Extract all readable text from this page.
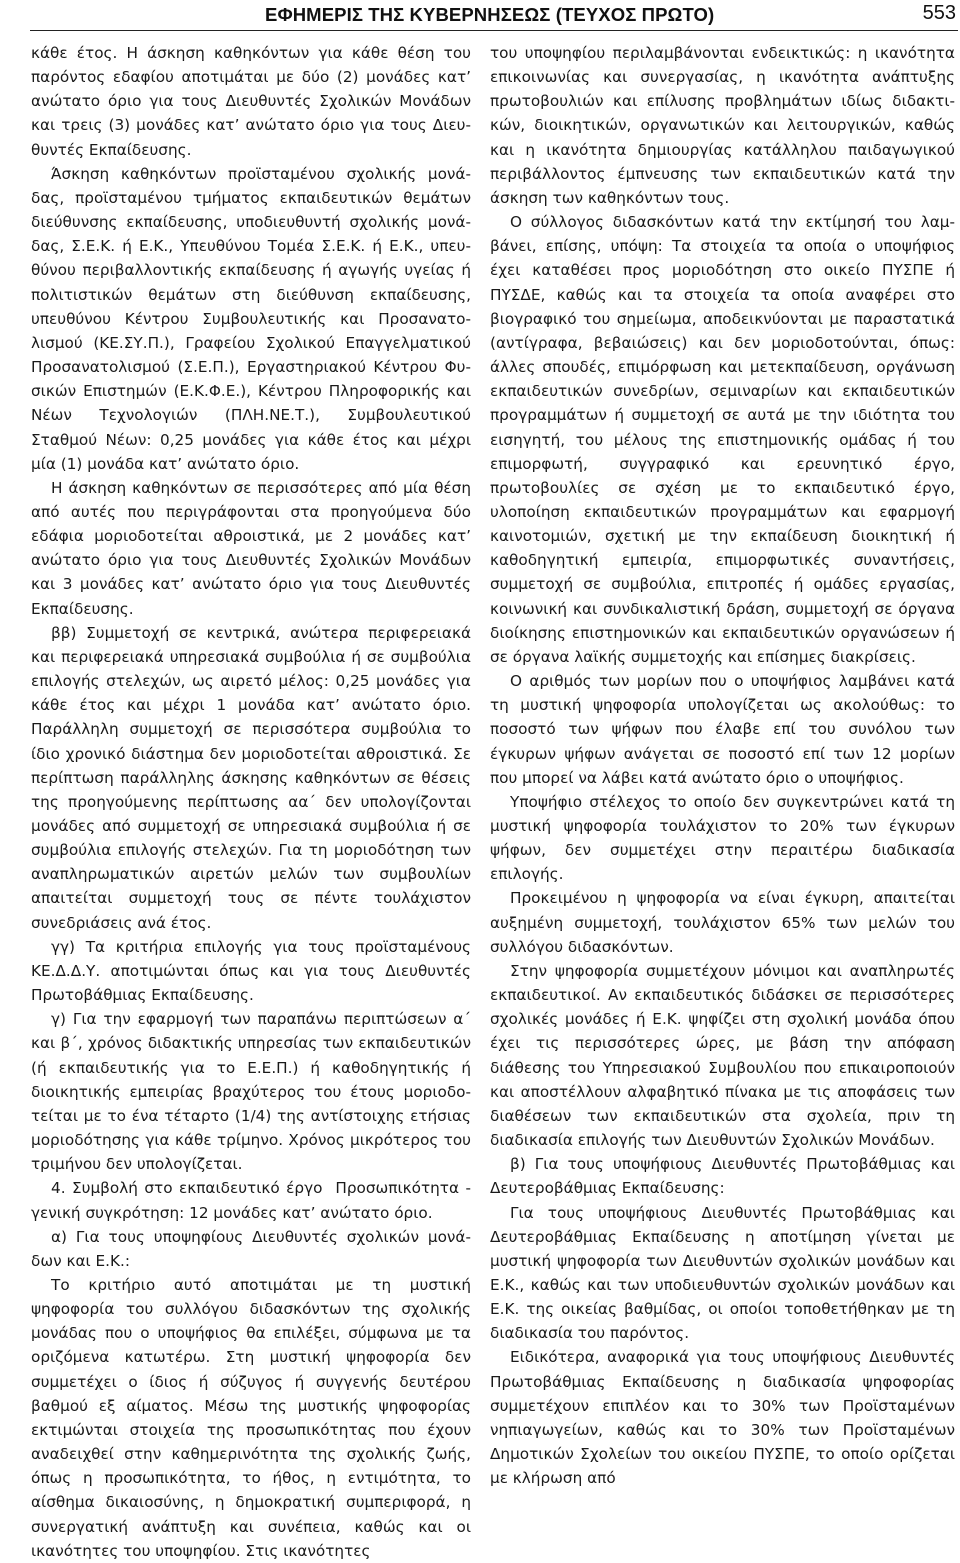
ΕΦΗΜΕΡΙΣ ΤΗΣ ΚΥΒΕΡΝΗΣΕΩΣ (ΤΕΥΧΟΣ ΠΡΩΤΟ)	553

κάθε έτος. Η άσκηση καθηκόντων για κάθε θέση του παρόντος εδαφίου αποτιμάται με δύο (2) μονάδες κατ’ ανώτατο όριο για τους Διευθυντές Σχολικών Μονάδων και τρεις (3) μονάδες κατ’ ανώτατο όριο για τους Διευθυντές Εκπαίδευσης.

Άσκηση καθηκόντων προϊσταμένου σχολικής μονάδας, προϊσταμένου τμήματος εκπαιδευτικών θεμάτων διεύθυνσης εκπαίδευσης, υποδιευθυντή σχολικής μονάδας, Σ.Ε.Κ. ή Ε.Κ., Υπευθύνου Τομέα Σ.Ε.Κ. ή Ε.Κ., υπευθύνου περιβαλλοντικής εκπαίδευσης ή αγωγής υγείας ή πολιτιστικών θεμάτων στη διεύθυνση εκπαίδευσης, υπευθύνου Κέντρου Συμβουλευτικής και Προσανατολισμού (ΚΕ.ΣΥ.Π.), Γραφείου Σχολικού Επαγγελματικού Προσανατολισμού (Σ.Ε.Π.), Εργαστηριακού Κέντρου Φυσικών Επιστημών (Ε.Κ.Φ.Ε.), Κέντρου Πληροφορικής και Νέων Τεχνολογιών (ΠΛΗ.ΝΕ.Τ.), Συμβουλευτικού Σταθμού Νέων: 0,25 μονάδες για κάθε έτος και μέχρι μία (1) μονάδα κατ’ ανώτατο όριο.

Η άσκηση καθηκόντων σε περισσότερες από μία θέση από αυτές που περιγράφονται στα προηγούμενα δύο εδάφια μοριοδοτείται αθροιστικά, με 2 μονάδες κατ’ ανώτατο όριο για τους Διευθυντές Σχολικών Μονάδων και 3 μονάδες κατ’ ανώτατο όριο για τους Διευθυντές Εκπαίδευσης.

ββ) Συμμετοχή σε κεντρικά, ανώτερα περιφερειακά και περιφερειακά υπηρεσιακά συμβούλια ή σε συμβούλια επιλογής στελεχών, ως αιρετό μέλος: 0,25 μονάδες για κάθε έτος και μέχρι 1 μονάδα κατ’ ανώτατο όριο. Παράλληλη συμμετοχή σε περισσότερα συμβούλια το ίδιο χρονικό διάστημα δεν μοριοδοτείται αθροιστικά. Σε περίπτωση παράλληλης άσκησης καθηκόντων σε θέσεις της προηγούμενης περίπτωσης αα΄ δεν υπολογίζονται μονάδες από συμμετοχή σε υπηρεσιακά συμβούλια ή σε συμβούλια επιλογής στελεχών. Για τη μοριοδότηση των αναπληρωματικών αιρετών μελών των συμβουλίων απαιτείται συμμετοχή τους σε πέντε τουλάχιστον συνεδριάσεις ανά έτος.

γγ) Τα κριτήρια επιλογής για τους προϊσταμένους ΚΕ.Δ.Δ.Υ. αποτιμώνται όπως και για τους Διευθυντές Πρωτοβάθμιας Εκπαίδευσης.

γ) Για την εφαρμογή των παραπάνω περιπτώσεων α΄ και β΄, χρόνος διδακτικής υπηρεσίας των εκπαιδευτικών (ή εκπαιδευτικής για το Ε.Ε.Π.) ή καθοδηγητικής ή διοικητικής εμπειρίας βραχύτερος του έτους μοριοδοτείται με το ένα τέταρτο (1/4) της αντίστοιχης ετήσιας μοριοδότησης για κάθε τρίμηνο. Χρόνος μικρότερος του τριμήνου δεν υπολογίζεται.

4. Συμβολή στο εκπαιδευτικό έργο Προσωπικότητα γενική συγκρότηση: 12 μονάδες κατ’ ανώτατο όριο.

α) Για τους υποψηφίους Διευθυντές σχολικών μονάδων και Ε.Κ.:

Το κριτήριο αυτό αποτιμάται με τη μυστική ψηφοφορία του συλλόγου διδασκόντων της σχολικής μονάδας που ο υποψήφιος θα επιλέξει, σύμφωνα με τα οριζόμενα κατωτέρω. Στη μυστική ψηφοφορία δεν συμμετέχει ο ίδιος ή σύζυγος ή συγγενής δευτέρου βαθμού εξ αίματος. Μέσω της μυστικής ψηφοφορίας εκτιμώνται στοιχεία της προσωπικότητας που έχουν αναδειχθεί στην καθημερινότητα της σχολικής ζωής, όπως η προσωπικότητα, το ήθος, η εντιμότητα, το αίσθημα δικαιοσύνης, η δημοκρατική συμπεριφορά, η συνεργατική ανάπτυξη και συνέπεια, καθώς και οι ικανότητες του υποψηφίου. Στις ικανότητες

του υποψηφίου περιλαμβάνονται ενδεικτικώς: η ικανότητα επικοινωνίας και συνεργασίας, η ικανότητα ανάπτυξης πρωτοβουλιών και επίλυσης προβλημάτων ιδίως διδακτικών, διοικητικών, οργανωτικών και λειτουργικών, καθώς και η ικανότητα δημιουργίας κατάλληλου παιδαγωγικού περιβάλλοντος έμπνευσης των εκπαιδευτικών κατά την άσκηση των καθηκόντων τους.

Ο σύλλογος διδασκόντων κατά την εκτίμησή του λαμβάνει, επίσης, υπόψη: Τα στοιχεία τα οποία ο υποψήφιος έχει καταθέσει προς μοριοδότηση στο οικείο ΠΥΣΠΕ ή ΠΥΣΔΕ, καθώς και τα στοιχεία τα οποία αναφέρει στο βιογραφικό του σημείωμα, αποδεικνύονται με παραστατικά (αντίγραφα, βεβαιώσεις) και δεν μοριοδοτούνται, όπως: άλλες σπουδές, επιμόρφωση και μετεκπαίδευση, οργάνωση εκπαιδευτικών συνεδρίων, σεμιναρίων και εκπαιδευτικών προγραμμάτων ή συμμετοχή σε αυτά με την ιδιότητα του εισηγητή, του μέλους της επιστημονικής ομάδας ή του επιμορφωτή, συγγραφικό και ερευνητικό έργο, πρωτοβουλίες σε σχέση με το εκπαιδευτικό έργο, υλοποίηση εκπαιδευτικών προγραμμάτων και εφαρμογή καινοτομιών, σχετική με την εκπαίδευση διοικητική ή καθοδηγητική εμπειρία, επιμορφωτικές συναντήσεις, συμμετοχή σε συμβούλια, επιτροπές ή ομάδες εργασίας, κοινωνική και συνδικαλιστική δράση, συμμετοχή σε όργανα διοίκησης επιστημονικών και εκπαιδευτικών οργανώσεων ή σε όργανα λαϊκής συμμετοχής και επίσημες διακρίσεις.

Ο αριθμός των μορίων που ο υποψήφιος λαμβάνει κατά τη μυστική ψηφοφορία υπολογίζεται ως ακολούθως: το ποσοστό των ψήφων που έλαβε επί του συνόλου των έγκυρων ψήφων ανάγεται σε ποσοστό επί των 12 μορίων που μπορεί να λάβει κατά ανώτατο όριο ο υποψήφιος.

Υποψήφιο στέλεχος το οποίο δεν συγκεντρώνει κατά τη μυστική ψηφοφορία τουλάχιστον το 20% των έγκυρων ψήφων, δεν συμμετέχει στην περαιτέρω διαδικασία επιλογής.

Προκειμένου η ψηφοφορία να είναι έγκυρη, απαιτείται αυξημένη συμμετοχή, τουλάχιστον 65% των μελών του συλλόγου διδασκόντων.

Στην ψηφοφορία συμμετέχουν μόνιμοι και αναπληρωτές εκπαιδευτικοί. Αν εκπαιδευτικός διδάσκει σε περισσότερες σχολικές μονάδες ή Ε.Κ. ψηφίζει στη σχολική μονάδα όπου έχει τις περισσότερες ώρες, με βάση την απόφαση διάθεσης του Υπηρεσιακού Συμβουλίου που επικαιροποιούν και αποστέλλουν αλφαβητικό πίνακα με τις αποφάσεις των διαθέσεων των εκπαιδευτικών στα σχολεία, πριν τη διαδικασία επιλογής των Διευθυντών Σχολικών Μονάδων.

β) Για τους υποψήφιους Διευθυντές Πρωτοβάθμιας και Δευτεροβάθμιας Εκπαίδευσης:

Για τους υποψήφιους Διευθυντές Πρωτοβάθμιας και Δευτεροβάθμιας Εκπαίδευσης η αποτίμηση γίνεται με μυστική ψηφοφορία των Διευθυντών σχολικών μονάδων και Ε.Κ., καθώς και των υποδιευθυντών σχολικών μονάδων και Ε.Κ. της οικείας βαθμίδας, οι οποίοι τοποθετήθηκαν με τη διαδικασία του παρόντος.

Ειδικότερα, αναφορικά για τους υποψήφιους Διευθυντές Πρωτοβάθμιας Εκπαίδευσης η διαδικασία ψηφοφορίας συμμετέχουν επιπλέον και το 30% των Προϊσταμένων νηπιαγωγείων, καθώς και το 30% των Προϊσταμένων Δημοτικών Σχολείων του οικείου ΠΥΣΠΕ, το οποίο ορίζεται με κλήρωση από
